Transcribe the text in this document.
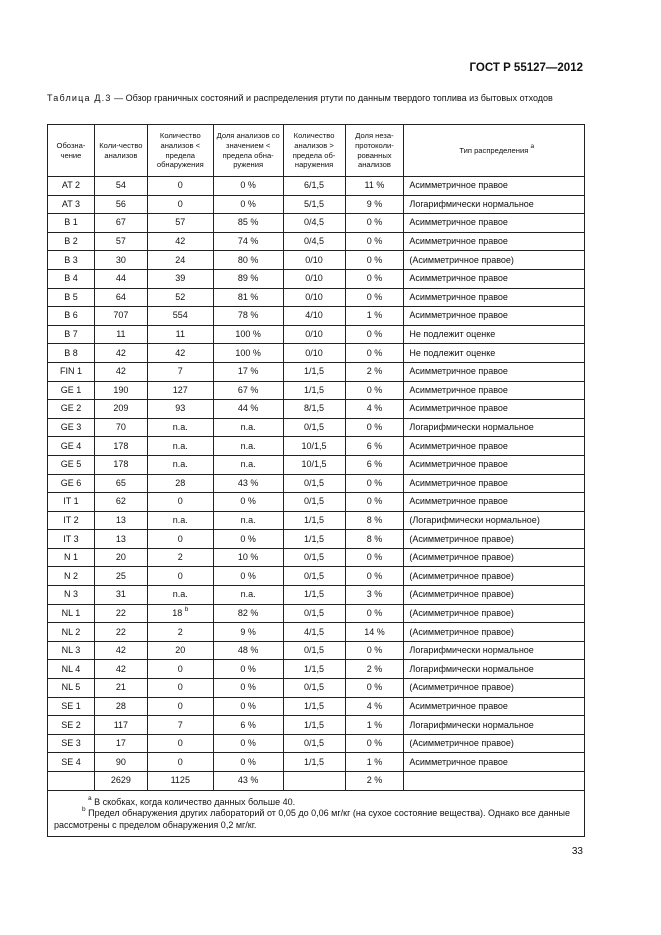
ГОСТ Р 55127—2012
Таблица Д.3 — Обзор граничных состояний и распределения ртути по данным твердого топлива из бытовых отходов
Обозна-чение	Коли-чество анализов	Количество анализов < предела обнаружения	Доля анализов со значением < предела обна-ружения	Количество анализов > предела об-наружения	Доля неза-протоколи-рованных анализов	Тип распределения $^а$
AT 2	54	0	0 %	6/1,5	11 %	Асимметричное правое
AT 3	56	0	0 %	5/1,5	9 %	Логарифмически нормальное
B 1	67	57	85 %	0/4,5	0 %	Асимметричное правое
B 2	57	42	74 %	0/4,5	0 %	Асимметричное правое
B 3	30	24	80 %	0/10	0 %	(Асимметричное правое)
B 4	44	39	89 %	0/10	0 %	Асимметричное правое
B 5	64	52	81 %	0/10	0 %	Асимметричное правое
B 6	707	554	78 %	4/10	1 %	Асимметричное правое
B 7	11	11	100 %	0/10	0 %	Не подлежит оценке
B 8	42	42	100 %	0/10	0 %	Не подлежит оценке
FIN 1	42	7	17 %	1/1,5	2 %	Асимметричное правое
GE 1	190	127	67 %	1/1,5	0 %	Асимметричное правое
GE 2	209	93	44 %	8/1,5	4 %	Асимметричное правое
GE 3	70	n.a.	n.a.	0/1,5	0 %	Логарифмически нормальное
GE 4	178	n.a.	n.a.	10/1,5	6 %	Асимметричное правое
GE 5	178	n.a.	n.a.	10/1,5	6 %	Асимметричное правое
GE 6	65	28	43 %	0/1,5	0 %	Асимметричное правое
IT 1	62	0	0 %	0/1,5	0 %	Асимметричное правое
IT 2	13	n.a.	n.a.	1/1,5	8 %	(Логарифмически нормальное)
IT 3	13	0	0 %	1/1,5	8 %	(Асимметричное правое)
N 1	20	2	10 %	0/1,5	0 %	(Асимметричное правое)
N 2	25	0	0 %	0/1,5	0 %	(Асимметричное правое)
N 3	31	n.a.	n.a.	1/1,5	3 %	(Асимметричное правое)
NL 1	22	18 $^b$	82 %	0/1,5	0 %	(Асимметричное правое)
NL 2	22	2	9 %	4/1,5	14 %	(Асимметричное правое)
NL 3	42	20	48 %	0/1,5	0 %	Логарифмически нормальное
NL 4	42	0	0 %	1/1,5	2 %	Логарифмически нормальное
NL 5	21	0	0 %	0/1,5	0 %	(Асимметричное правое)
SE 1	28	0	0 %	1/1,5	4 %	Асимметричное правое
SE 2	117	7	6 %	1/1,5	1 %	Логарифмически нормальное
SE 3	17	0	0 %	0/1,5	0 %	(Асимметричное правое)
SE 4	90	0	0 %	1/1,5	1 %	Асимметричное правое
	2629	1125	43 %		2 %	

$^a$ В скобках, когда количество данных больше 40.
$^b$ Предел обнаружения других лабораторий от 0,05 до 0,06 мг/кг (на сухое состояние вещества). Однако все данные рассмотрены с пределом обнаружения 0,2 мг/кг.						
33
